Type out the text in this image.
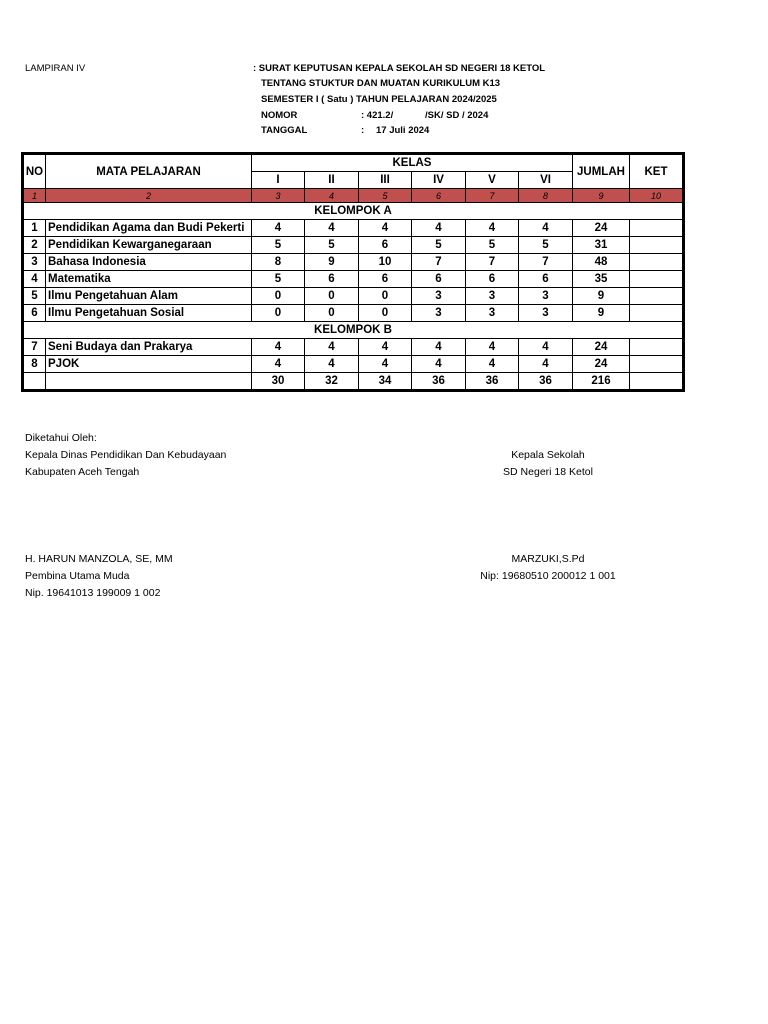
LAMPIRAN IV	: SURAT KEPUTUSAN KEPALA SEKOLAH SD NEGERI 18 KETOL
TENTANG STUKTUR DAN MUATAN KURIKULUM K13
SEMESTER I ( Satu ) TAHUN PELAJARAN 2024/2025
NOMOR	: 421.2/	/SK/ SD / 2024
TANGGAL	: 17 Juli 2024
NO	MATA PELAJARAN	KELAS						JUMLAH	KET
		I	II	III	IV	V	VI		
1	2	3	4	5	6	7	8	9	10
KELOMPOK A									
1	Pendidikan Agama dan Budi Pekerti	4	4	4	4	4	4	24	
2	Pendidikan Kewarganegaraan	5	5	6	5	5	5	31	
3	Bahasa Indonesia	8	9	10	7	7	7	48	
4	Matematika	5	6	6	6	6	6	35	
5	Ilmu Pengetahuan Alam	0	0	0	3	3	3	9	
6	Ilmu Pengetahuan Sosial	0	0	0	3	3	3	9	
KELOMPOK B									
7	Seni Budaya dan Prakarya	4	4	4	4	4	4	24	
8	PJOK	4	4	4	4	4	4	24	
		30	32	34	36	36	36	216	
Diketahui Oleh:
Kepala Dinas Pendidikan Dan Kebudayaan
Kabupaten Aceh Tengah
H. HARUN MANZOLA, SE, MM
Pembina Utama Muda
Nip. 19641013 199009 1 002
Kepala Sekolah
SD Negeri 18 Ketol
MARZUKI,S.Pd
Nip: 19680510 200012 1 001
